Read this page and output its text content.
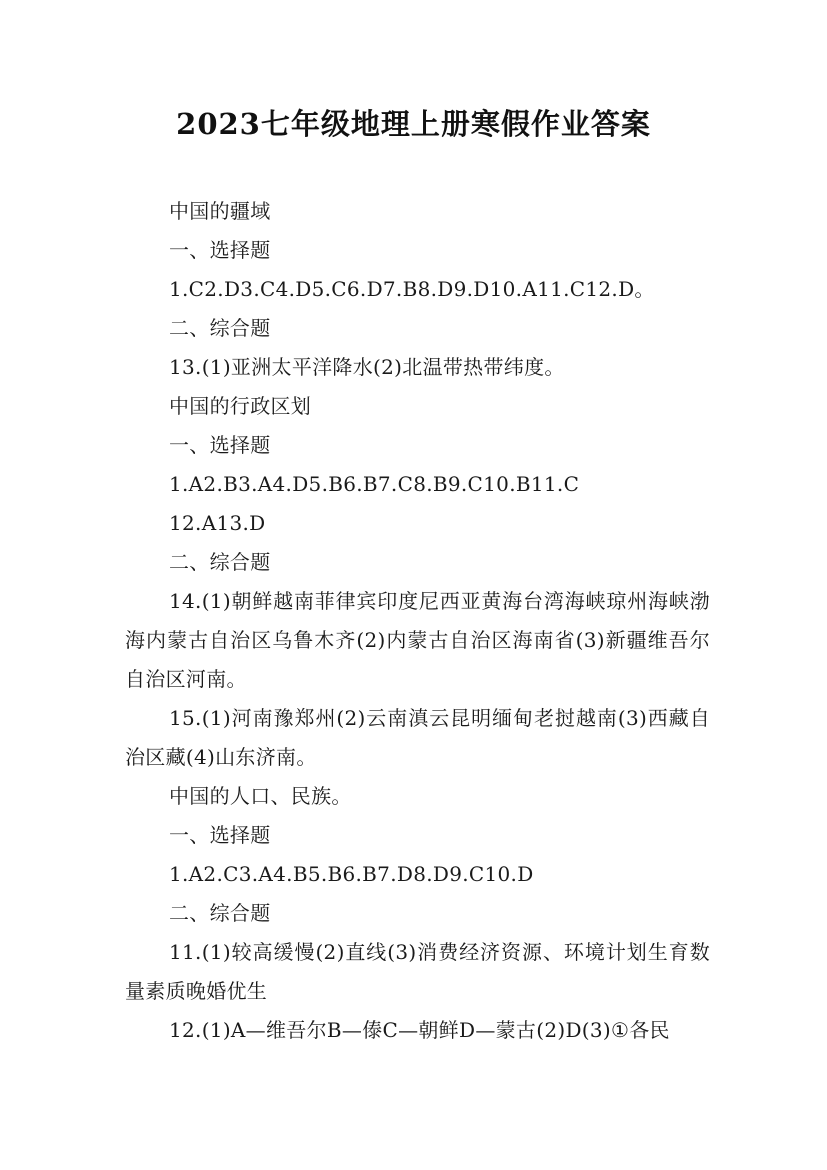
2023七年级地理上册寒假作业答案

中国的疆域

一、选择题

1.C2.D3.C4.D5.C6.D7.B8.D9.D10.A11.C12.D。

二、综合题

13.(1)亚洲太平洋降水(2)北温带热带纬度。

中国的行政区划

一、选择题

1.A2.B3.A4.D5.B6.B7.C8.B9.C10.B11.C

12.A13.D

二、综合题

14.(1)朝鲜越南菲律宾印度尼西亚黄海台湾海峡琼州海峡渤海内蒙古自治区乌鲁木齐(2)内蒙古自治区海南省(3)新疆维吾尔自治区河南。

15.(1)河南豫郑州(2)云南滇云昆明缅甸老挝越南(3)西藏自治区藏(4)山东济南。

中国的人口、民族。

一、选择题

1.A2.C3.A4.B5.B6.B7.D8.D9.C10.D

二、综合题

11.(1)较高缓慢(2)直线(3)消费经济资源、环境计划生育数量素质晚婚优生

12.(1)A—维吾尔B—傣C—朝鲜D—蒙古(2)D(3)①各民
